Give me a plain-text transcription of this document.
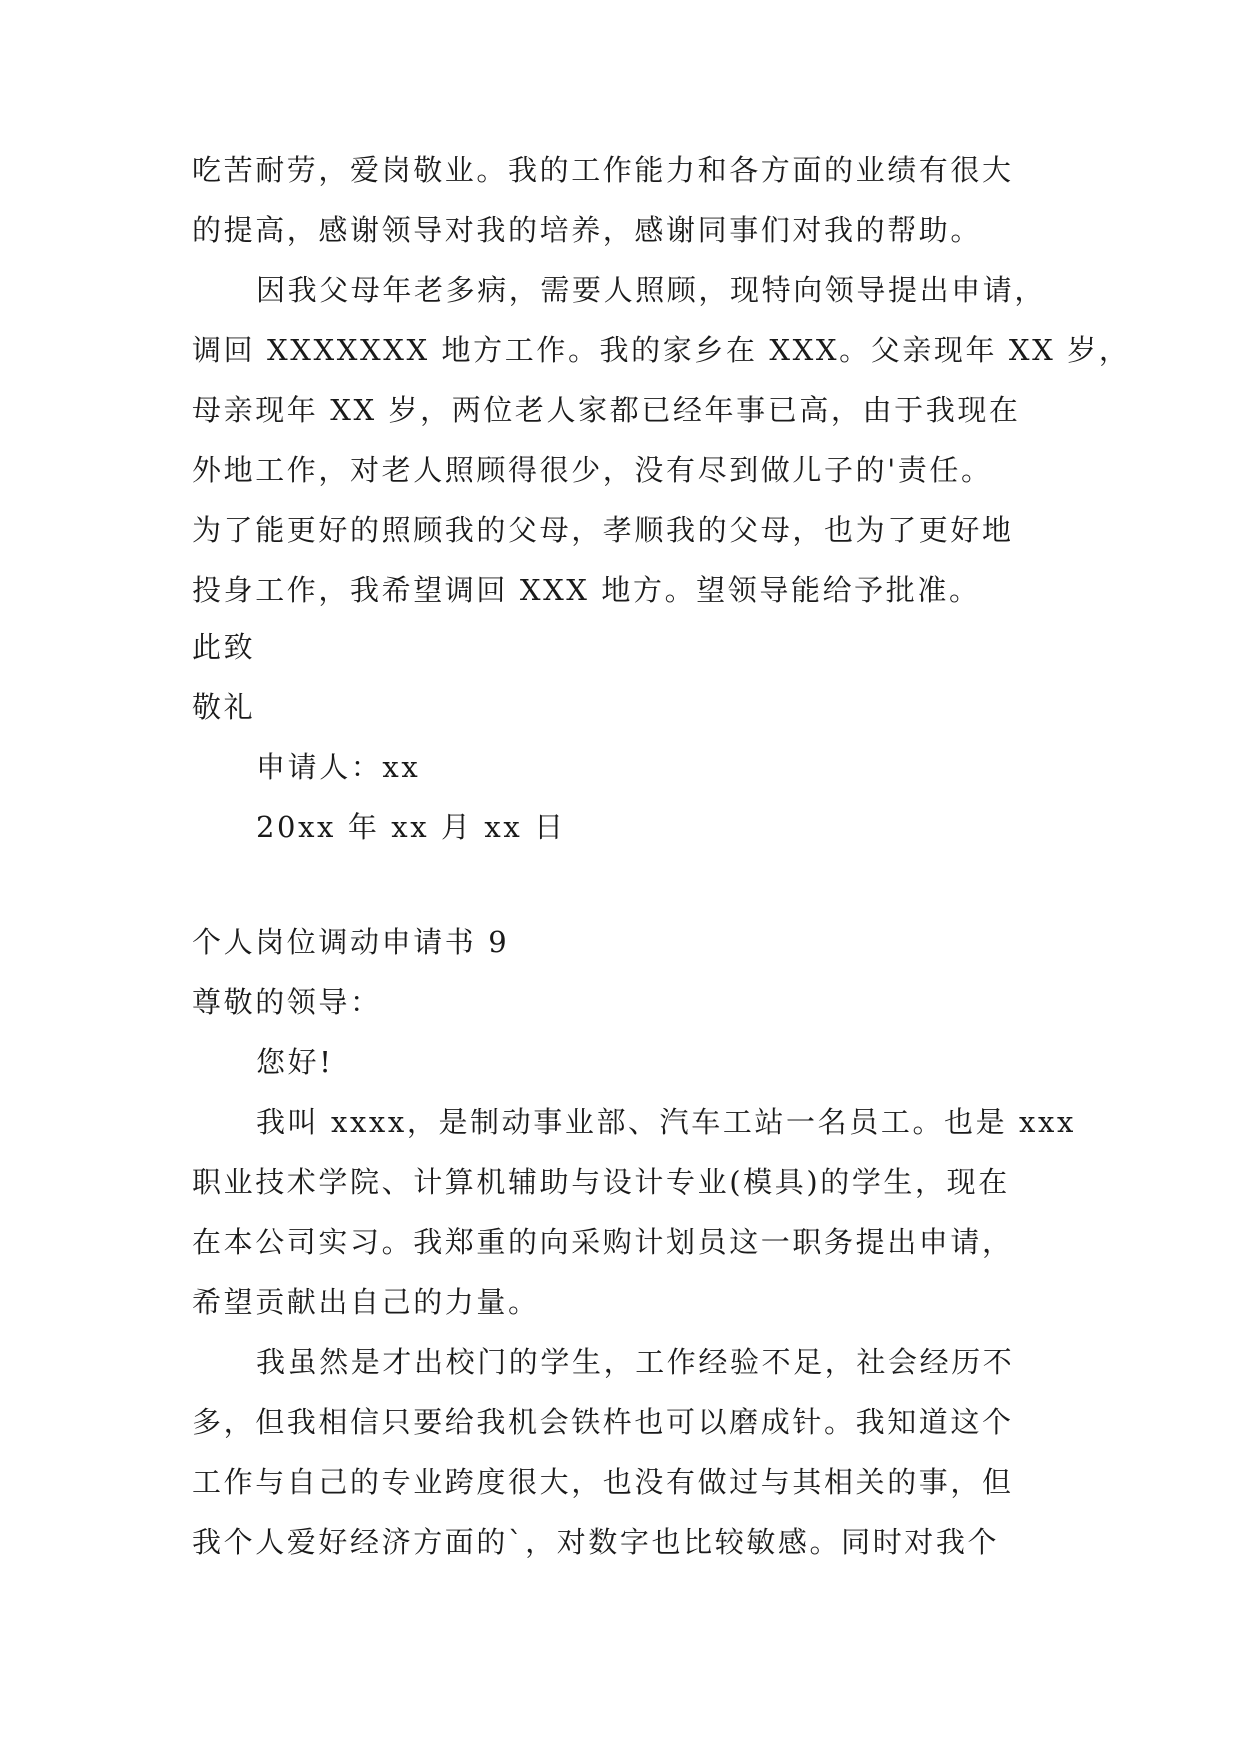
吃苦耐劳，爱岗敬业。我的工作能力和各方面的业绩有很大
的提高，感谢领导对我的培养，感谢同事们对我的帮助。
因我父母年老多病，需要人照顾，现特向领导提出申请，
调回 XXXXXXX 地方工作。我的家乡在 XXX。父亲现年 XX 岁，
母亲现年 XX 岁，两位老人家都已经年事已高，由于我现在
外地工作，对老人照顾得很少，没有尽到做儿子的'责任。
为了能更好的照顾我的父母，孝顺我的父母，也为了更好地
投身工作，我希望调回 XXX 地方。望领导能给予批准。
此致
敬礼
申请人：xx
20xx 年 xx 月 xx 日
个人岗位调动申请书 9
尊敬的领导：
您好!
我叫 xxxx，是制动事业部、汽车工站一名员工。也是 xxx
职业技术学院、计算机辅助与设计专业(模具)的学生，现在
在本公司实习。我郑重的向采购计划员这一职务提出申请，
希望贡献出自己的力量。
我虽然是才出校门的学生，工作经验不足，社会经历不
多，但我相信只要给我机会铁杵也可以磨成针。我知道这个
工作与自己的专业跨度很大，也没有做过与其相关的事，但
我个人爱好经济方面的`，对数字也比较敏感。同时对我个
